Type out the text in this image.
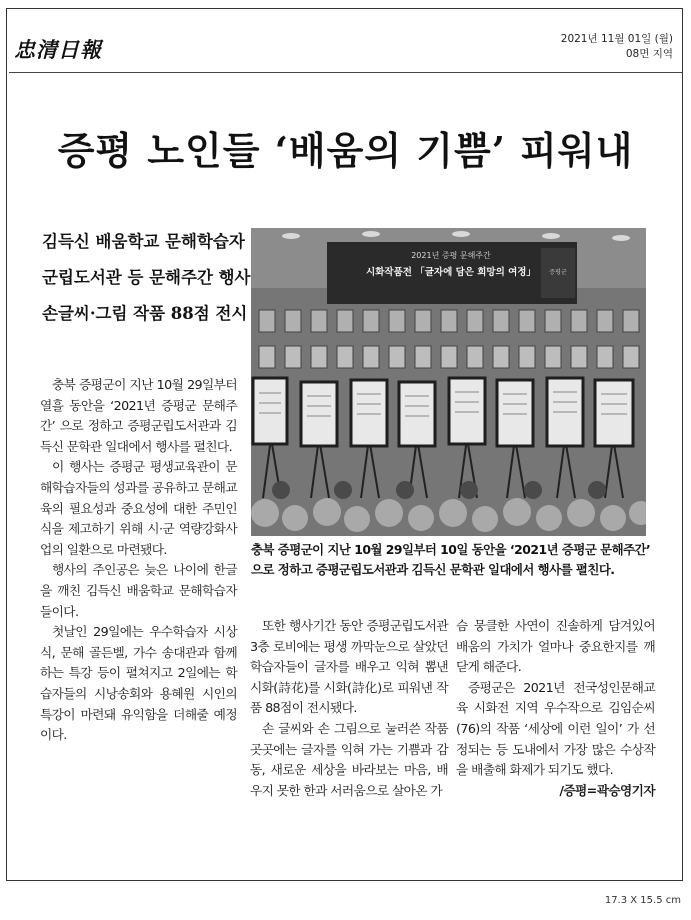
忠清日報	2021년 11월 01일 (월)
08면 지역
증평 노인들 ‘배움의 기쁨’ 피워내
김득신 배움학교 문해학습자
군립도서관 등 문해주간 행사
손글씨·그림 작품 88점 전시
2021년 증평 문해주간
시화작품전 「글자에 담은 희망의 여정」 증평군
충북 증평군이 지난 10월 29일부터 10일 동안을 ‘2021년 증평군 문해주간’ 으로 정하고 증평군립도서관과 김득신 문학관 일대에서 행사를 펼친다.

충북 증평군이 지난 10월 29일부터 열흘 동안을 ‘2021년 증평군 문해주간’ 으로 정하고 증평군립도서관과 김득신 문학관 일대에서 행사를 펼친다.

이 행사는 증평군 평생교육관이 문해학습자들의 성과를 공유하고 문해교육의 필요성과 중요성에 대한 주민인식을 제고하기 위해 시·군 역량강화사업의 일환으로 마련됐다.

행사의 주인공은 늦은 나이에 한글을 깨친 김득신 배움학교 문해학습자들이다.

첫날인 29일에는 우수학습자 시상식, 문해 골든벨, 가수 송대관과 함께하는 특강 등이 펼쳐지고 2일에는 학습자들의 시낭송회와 용혜원 시인의 특강이 마련돼 유익함을 더해줄 예정이다.

또한 행사기간 동안 증평군립도서관 3층 로비에는 평생 까막눈으로 살았던 학습자들이 글자를 배우고 익혀 뽐낸 시화(詩花)를 시화(詩化)로 피워낸 작품 88점이 전시됐다.

손 글씨와 손 그림으로 눌러쓴 작품 곳곳에는 글자를 익혀 가는 기쁨과 감동, 새로운 세상을 바라보는 마음, 배우지 못한 한과 서러움으로 살아온 가

슴 뭉클한 사연이 진솔하게 담겨있어 배움의 가치가 얼마나 중요한지를 깨닫게 해준다.

증평군은 2021년 전국성인문해교육 시화전 지역 우수작으로 김임순씨(76)의 작품 ‘세상에 이런 일이’ 가 선정되는 등 도내에서 가장 많은 수상작을 배출해 화제가 되기도 했다.

/증평=곽승영기자
17.3 X 15.5 cm
